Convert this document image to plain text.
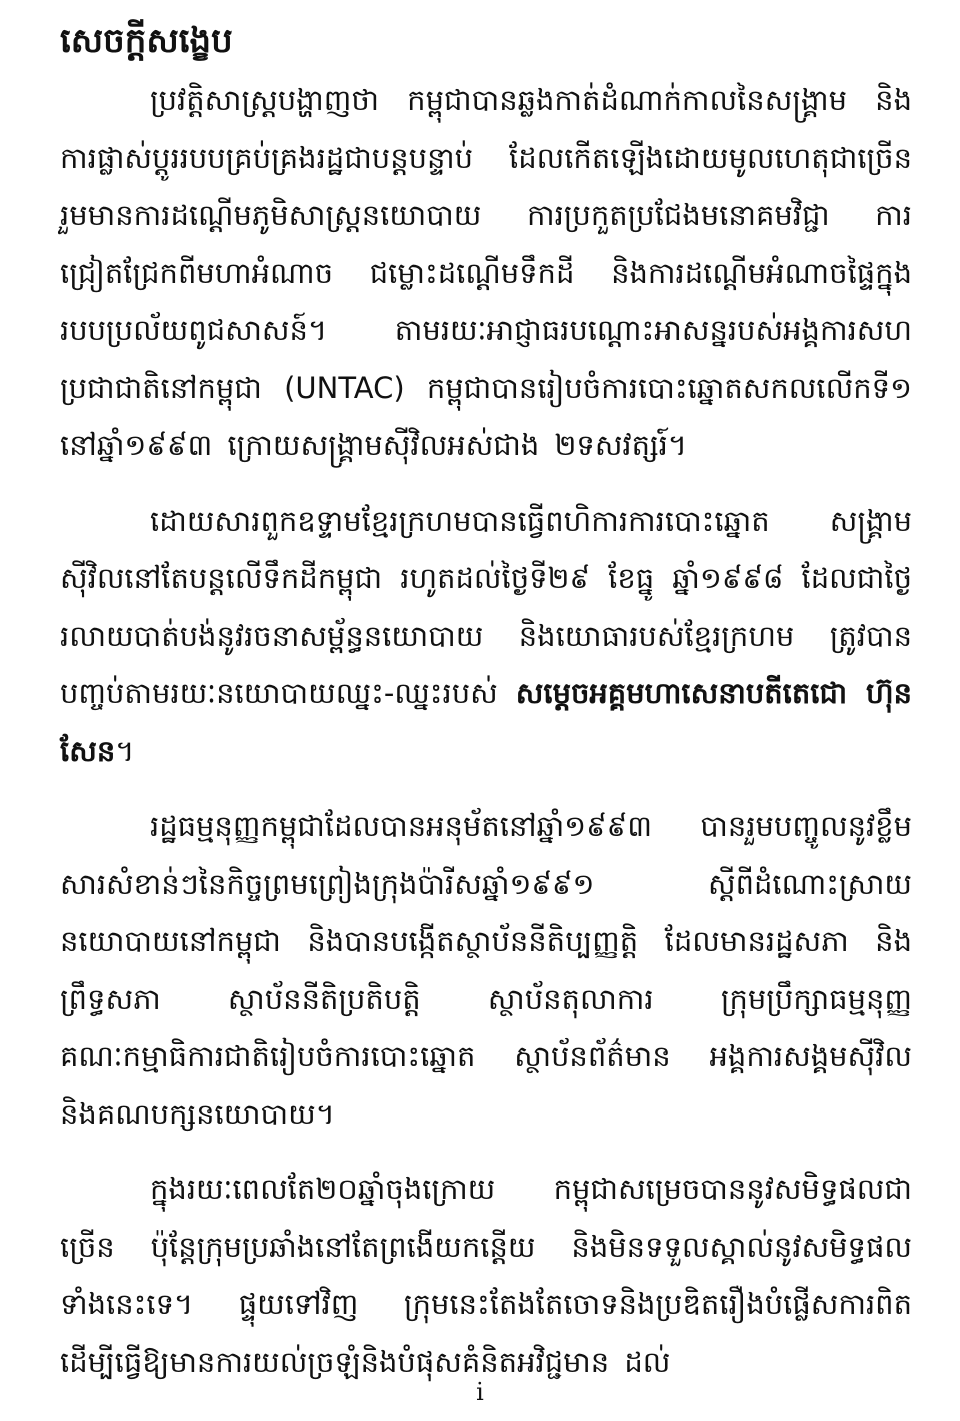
សេចក្តីសង្ខេប

ប្រវត្តិសាស្ត្របង្ហាញថា កម្ពុជាបានឆ្លងកាត់ដំណាក់កាលនៃសង្គ្រាម និងការផ្លាស់ប្តូររបបគ្រប់គ្រងរដ្ឋជាបន្តបន្ទាប់ ដែលកើតឡើងដោយមូលហេតុជាច្រើន រួមមានការដណ្តើមភូមិសាស្ត្រនយោបាយ ការប្រកួតប្រជែងមនោគមវិជ្ជា ការជ្រៀតជ្រែកពីមហាអំណាច ជម្លោះដណ្តើមទឹកដី និងការដណ្តើមអំណាចផ្ទៃក្នុង របបប្រល័យពូជសាសន៍។ តាមរយៈអាជ្ញាធរបណ្តោះអាសន្នរបស់អង្គការសហប្រជាជាតិនៅកម្ពុជា (UNTAC) កម្ពុជាបានរៀបចំការបោះឆ្នោតសកលលើកទី១ នៅឆ្នាំ១៩៩៣ ក្រោយសង្គ្រាមស៊ីវិលអស់ជាង ២ទសវត្សរ៍។

ដោយសារពួកឧទ្ទាមខ្មែរក្រហមបានធ្វើពហិការការបោះឆ្នោត សង្គ្រាមស៊ីវិលនៅតែបន្តលើទឹកដីកម្ពុជា រហូតដល់ថ្ងៃទី២៩ ខែធ្នូ ឆ្នាំ១៩៩៨ ដែលជាថ្ងៃរលាយបាត់បង់នូវរចនាសម្ព័ន្ធនយោបាយ និងយោធារបស់ខ្មែរក្រហម ត្រូវបានបញ្ចប់តាមរយៈនយោបាយឈ្នះ-ឈ្នះរបស់ សម្តេចអគ្គមហាសេនាបតីតេជោ ហ៊ុន សែន។

រដ្ឋធម្មនុញ្ញកម្ពុជាដែលបានអនុម័តនៅឆ្នាំ១៩៩៣ បានរួមបញ្ចូលនូវខ្លឹមសារសំខាន់ៗនៃកិច្ចព្រមព្រៀងក្រុងប៉ារីសឆ្នាំ១៩៩១ ស្តីពីដំណោះស្រាយនយោបាយនៅកម្ពុជា និងបានបង្កើតស្ថាប័ននីតិប្បញ្ញត្តិ ដែលមានរដ្ឋសភា និងព្រឹទ្ធសភា ស្ថាប័ននីតិប្រតិបត្តិ ស្ថាប័នតុលាការ ក្រុមប្រឹក្សាធម្មនុញ្ញ គណៈកម្មាធិការជាតិរៀបចំការបោះឆ្នោត ស្ថាប័នព័ត៌មាន អង្គការសង្គមស៊ីវិល និងគណបក្សនយោបាយ។

ក្នុងរយៈពេលតែ២០ឆ្នាំចុងក្រោយ កម្ពុជាសម្រេចបាននូវសមិទ្ធផលជាច្រើន ប៉ុន្តែក្រុមប្រឆាំងនៅតែព្រងើយកន្តើយ និងមិនទទួលស្គាល់នូវសមិទ្ធផលទាំងនេះទេ។ ផ្ទុយទៅវិញ ក្រុមនេះតែងតែចោទនិងប្រឌិតរឿងបំផ្លើសការពិត ដើម្បីធ្វើឱ្យមានការយល់ច្រឡំនិងបំផុសគំនិតអវិជ្ជមាន ដល់

i
